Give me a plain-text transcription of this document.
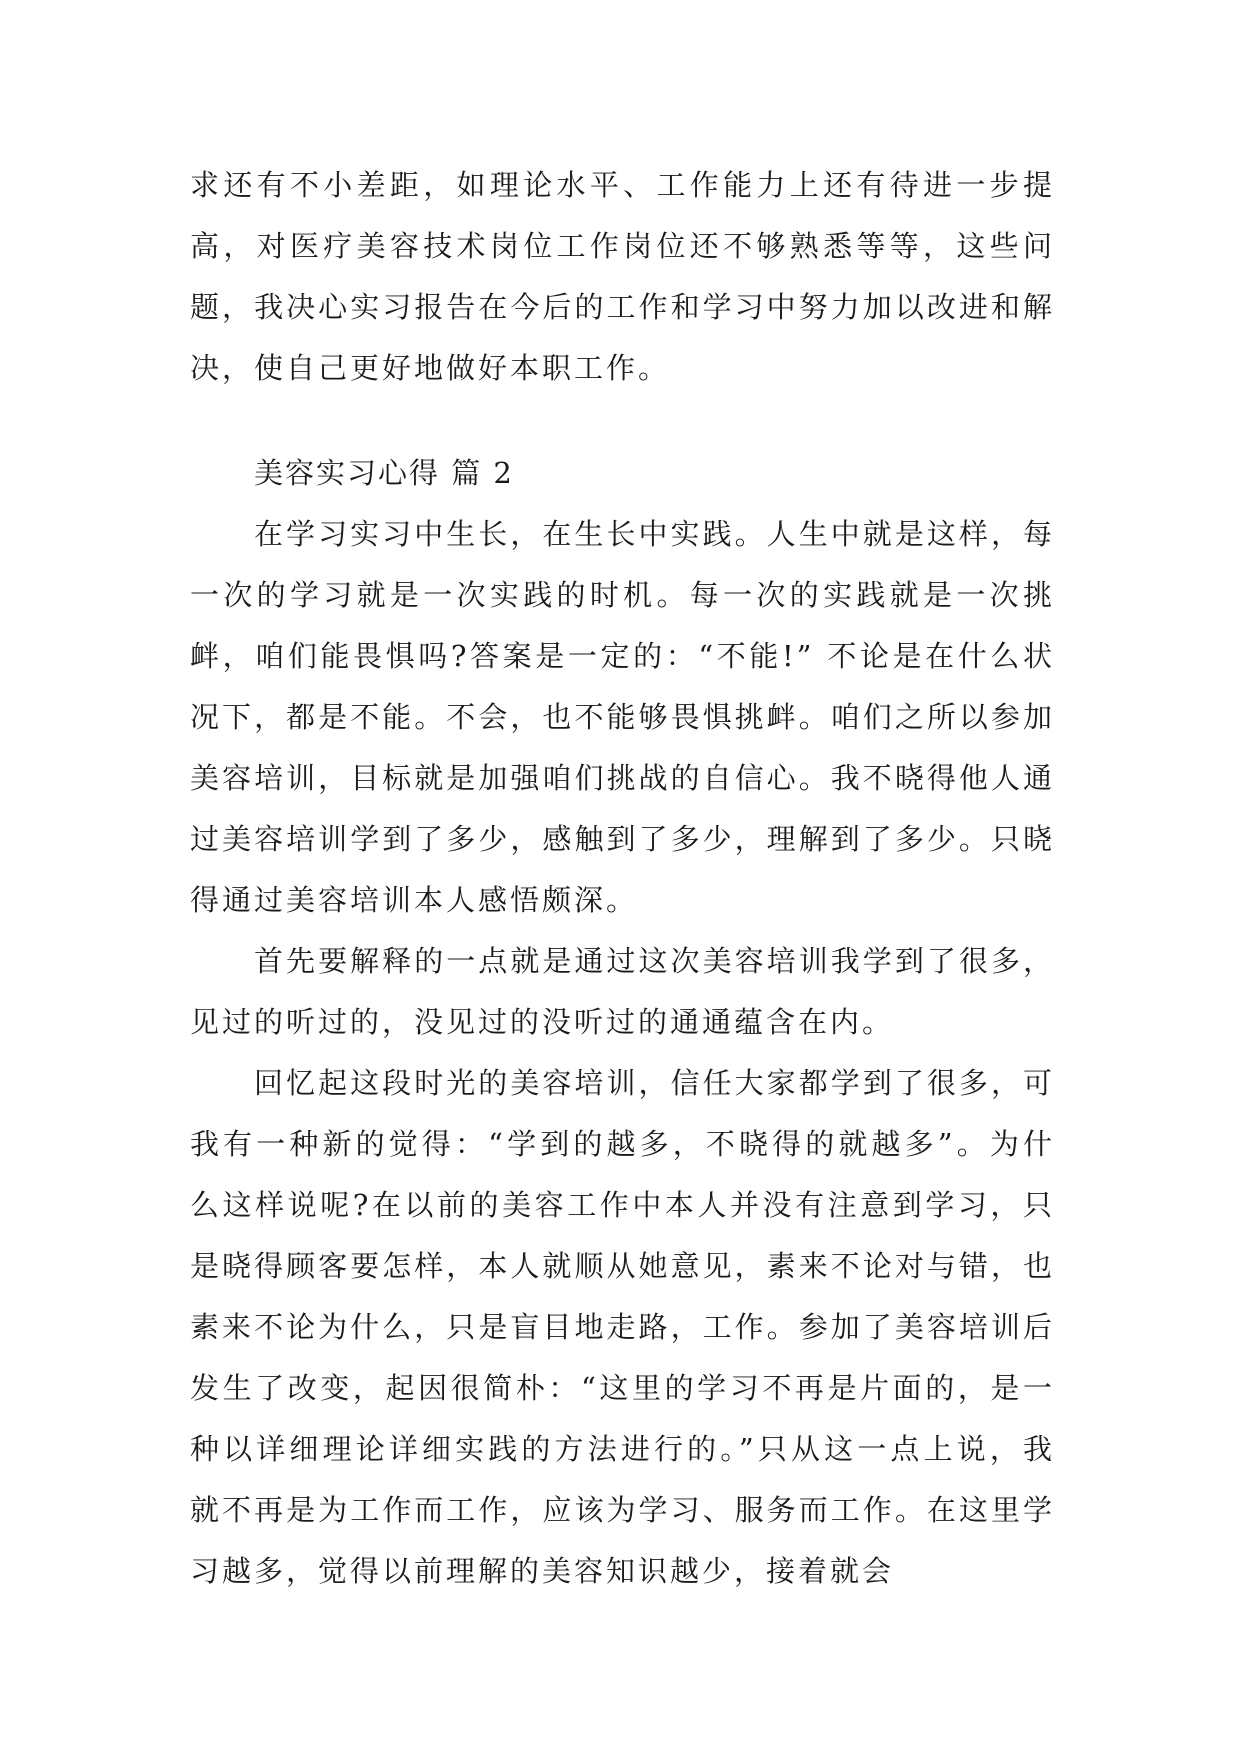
求还有不小差距，如理论水平、工作能力上还有待进一步提高，对医疗美容技术岗位工作岗位还不够熟悉等等，这些问题，我决心实习报告在今后的工作和学习中努力加以改进和解决，使自己更好地做好本职工作。

美容实习心得 篇 2

在学习实习中生长，在生长中实践。人生中就是这样，每一次的学习就是一次实践的时机。每一次的实践就是一次挑衅，咱们能畏惧吗?答案是一定的：“不能!” 不论是在什么状况下，都是不能。不会，也不能够畏惧挑衅。咱们之所以参加美容培训，目标就是加强咱们挑战的自信心。我不晓得他人通过美容培训学到了多少，感触到了多少，理解到了多少。只晓得通过美容培训本人感悟颇深。

首先要解释的一点就是通过这次美容培训我学到了很多，见过的听过的，没见过的没听过的通通蕴含在内。

回忆起这段时光的美容培训，信任大家都学到了很多，可我有一种新的觉得：“学到的越多，不晓得的就越多”。为什么这样说呢?在以前的美容工作中本人并没有注意到学习，只是晓得顾客要怎样，本人就顺从她意见，素来不论对与错，也素来不论为什么，只是盲目地走路，工作。参加了美容培训后发生了改变，起因很简朴：“这里的学习不再是片面的，是一种以详细理论详细实践的方法进行的。”只从这一点上说，我就不再是为工作而工作，应该为学习、服务而工作。在这里学习越多，觉得以前理解的美容知识越少，接着就会
